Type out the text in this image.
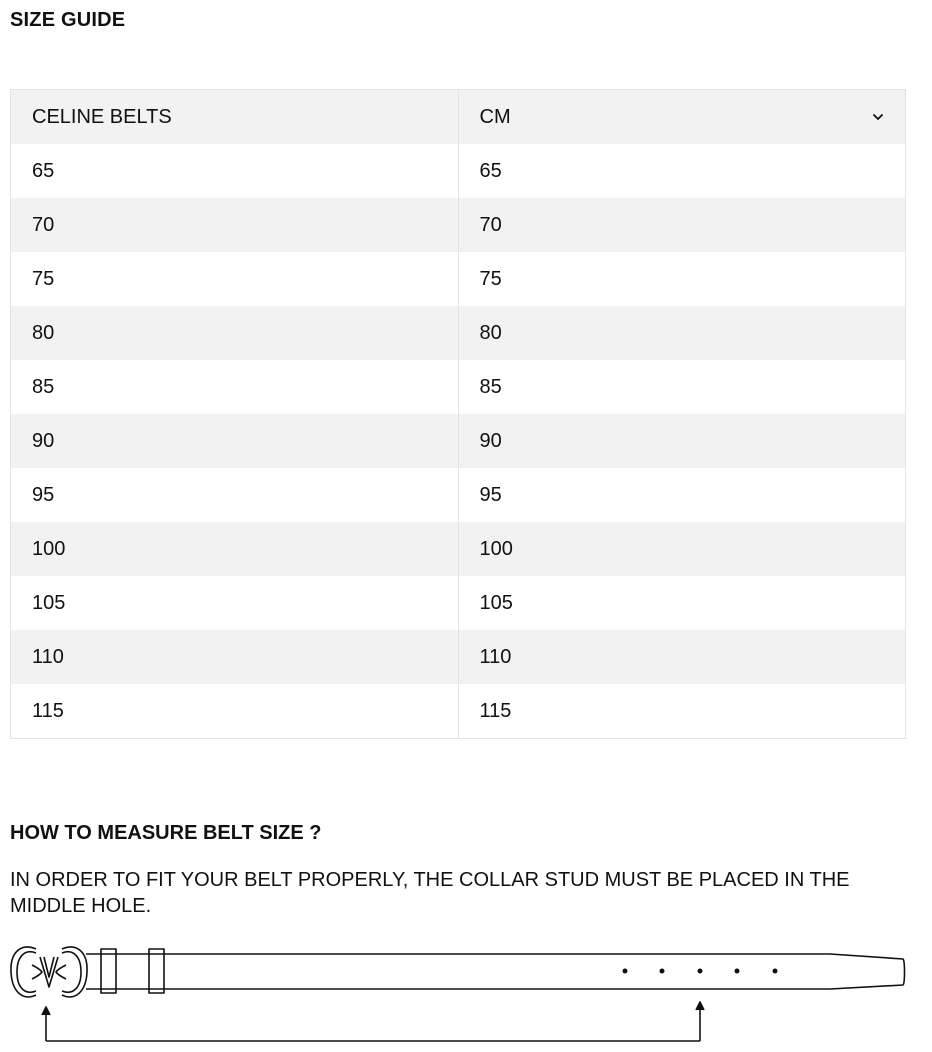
SIZE GUIDE
CELINE BELTS	CM

65	65
70	70
75	75
80	80
85	85
90	90
95	95
100	100
105	105
110	110
115	115
HOW TO MEASURE BELT SIZE ?

IN ORDER TO FIT YOUR BELT PROPERLY, THE COLLAR STUD MUST BE PLACED IN THE MIDDLE HOLE.
